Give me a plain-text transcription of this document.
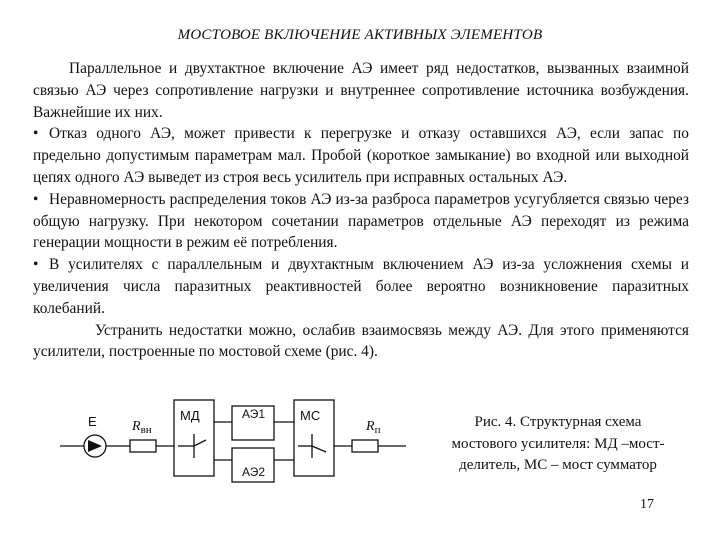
МОСТОВОЕ ВКЛЮЧЕНИЕ АКТИВНЫХ ЭЛЕМЕНТОВ

Параллельное и двухтактное включение АЭ имеет ряд недостатков, вызванных взаимной связью АЭ через сопротивление нагрузки и внутреннее сопротивление источника возбуждения. Важнейшие их них.

• Отказ одного АЭ, может привести к перегрузке и отказу оставшихся АЭ, если запас по предельно допустимым параметрам мал. Пробой (короткое замыкание) во входной или выходной цепях одного АЭ выведет из строя весь усилитель при исправных остальных АЭ.

• Неравномерность распределения токов АЭ из-за разброса параметров усугубляется связью через общую нагрузку. При некотором сочетании параметров отдельные АЭ переходят из режима генерации мощности в режим её потребления.

• В усилителях с параллельным и двухтактным включением АЭ из-за усложнения схемы и увеличения числа паразитных реактивностей более вероятно возникновение паразитных колебаний.

Устранить недостатки можно, ослабив взаимосвязь между АЭ. Для этого применяются усилители, построенные по мостовой схеме (рис. 4).

Е	$R_{вн}$
МД	АЭ1
АЭ2
МС
$R_п$	Рис. 4. Структурная схема
мостового усилителя: МД –мост-
делитель, МС – мост сумматор
17
